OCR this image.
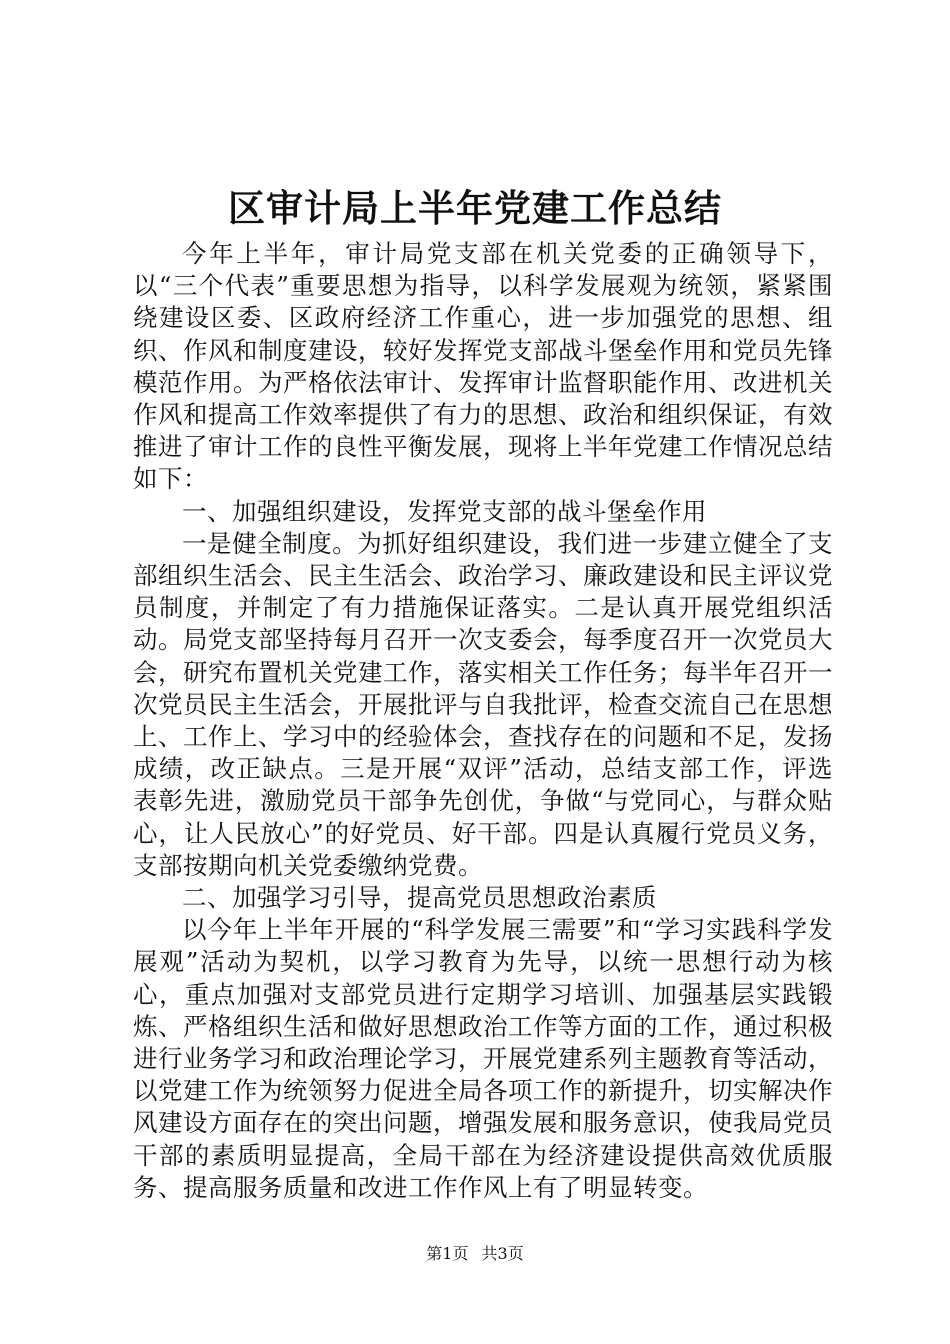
区审计局上半年党建工作总结

今年上半年，审计局党支部在机关党委的正确领导下，以“三个代表”重要思想为指导，以科学发展观为统领，紧紧围绕建设区委、区政府经济工作重心，进一步加强党的思想、组织、作风和制度建设，较好发挥党支部战斗堡垒作用和党员先锋模范作用。为严格依法审计、发挥审计监督职能作用、改进机关作风和提高工作效率提供了有力的思想、政治和组织保证，有效推进了审计工作的良性平衡发展，现将上半年党建工作情况总结如下：

一、加强组织建设，发挥党支部的战斗堡垒作用

一是健全制度。为抓好组织建设，我们进一步建立健全了支部组织生活会、民主生活会、政治学习、廉政建设和民主评议党员制度，并制定了有力措施保证落实。二是认真开展党组织活动。局党支部坚持每月召开一次支委会，每季度召开一次党员大会，研究布置机关党建工作，落实相关工作任务；每半年召开一次党员民主生活会，开展批评与自我批评，检查交流自己在思想上、工作上、学习中的经验体会，查找存在的问题和不足，发扬成绩，改正缺点。三是开展“双评”活动，总结支部工作，评选表彰先进，激励党员干部争先创优，争做“与党同心，与群众贴心，让人民放心”的好党员、好干部。四是认真履行党员义务，支部按期向机关党委缴纳党费。

二、加强学习引导，提高党员思想政治素质

以今年上半年开展的“科学发展三需要”和“学习实践科学发展观”活动为契机，以学习教育为先导，以统一思想行动为核心，重点加强对支部党员进行定期学习培训、加强基层实践锻炼、严格组织生活和做好思想政治工作等方面的工作，通过积极进行业务学习和政治理论学习，开展党建系列主题教育等活动，以党建工作为统领努力促进全局各项工作的新提升，切实解决作风建设方面存在的突出问题，增强发展和服务意识，使我局党员干部的素质明显提高，全局干部在为经济建设提供高效优质服务、提高服务质量和改进工作作风上有了明显转变。

第1页 共3页
